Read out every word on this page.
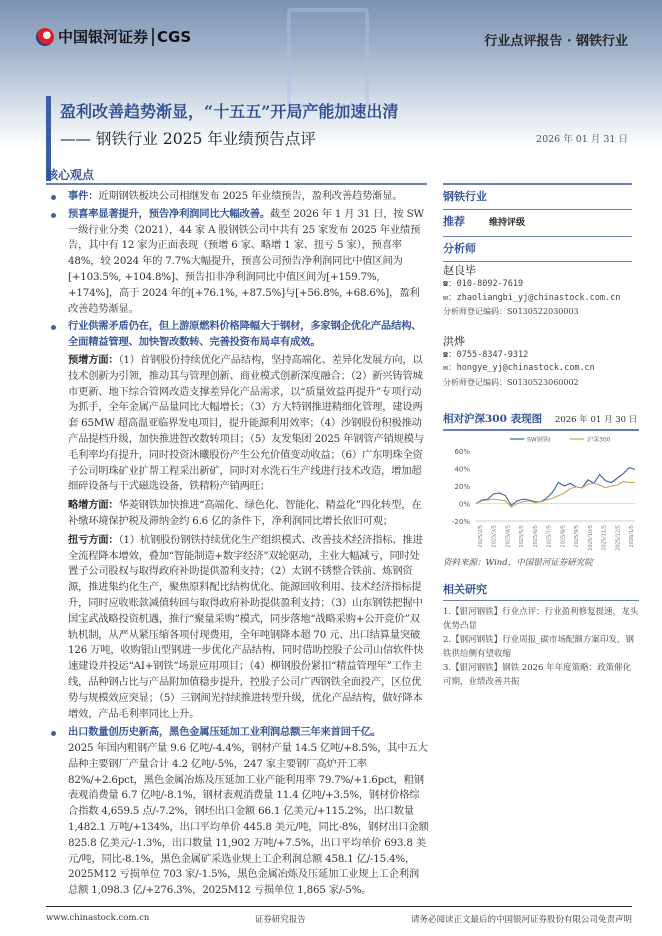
中国银河证券 CGS	行业点评报告 · 钢铁行业
盈利改善趋势渐显，“十五五”开局产能加速出清
—— 钢铁行业 2025 年业绩预告点评	2026 年 01 月 31 日
核心观点
事件：近期钢铁板块公司相继发布 2025 年业绩预告，盈利改善趋势渐显。
预喜率显著提升，预告净利润同比大幅改善。截至 2026 年 1 月 31 日，按 SW 一级行业分类（2021），44 家 A 股钢铁公司中共有 25 家发布 2025 年业绩预告，其中有 12 家为正面表现（预增 6 家、略增 1 家、扭亏 5 家），预喜率 48%，较 2024 年的 7.7%大幅提升，预喜公司预告净利润同比中值区间为[+103.5%, +104.8%]、预告扣非净利润同比中值区间为[+159.7%, +174%]，高于 2024 年的[+76.1%, +87.5%]与[+56.8%, +68.6%]，盈利改善趋势渐显。
行业供需矛盾仍在，但上游原燃料价格降幅大于钢材，多家钢企优化产品结构、全面精益管理、加快智改数转、完善投资布局卓有成效。
预增方面：（1）首钢股份持续优化产品结构，坚持高端化、差异化发展方向，以技术创新为引领，推动其与管理创新、商业模式创新深度融合；（2）新兴铸管城市更新、地下综合管网改造支撑差异化产品需求，以“质量效益再提升”专项行动为抓手，全年金属产品量同比大幅增长；（3）方大特钢推进精细化管理，建设两套 65MW 超高温亚临界发电项目，提升能源利用效率；（4）沙钢股份积极推动产品提档升级，加快推进智改数转项目；（5）友发集团 2025 年钢管产销规模与毛利率均有提升，同时投资沐曦股份产生公允价值变动收益；（6）广东明珠全资子公司明珠矿业扩帮工程采出新矿，同时对水洗石生产线进行技术改造，增加超细碎设备与干式磁选设备，铁精粉产销两旺；
略增方面：华菱钢铁加快推进“高端化、绿色化、智能化、精益化”四化转型，在补缴环境保护税及滞纳金约 6.6 亿的条件下，净利润同比增长依旧可观；
扭亏方面：（1）杭钢股份钢铁持续优化生产组织模式、改善技术经济指标、推进全流程降本增效，叠加“智能制造+数字经济”双轮驱动，主业大幅减亏，同时处置子公司股权与取得政府补助提供盈利支持；（2）太钢不锈整合铁前、炼钢资源，推进集约化生产，聚焦原料配比结构优化、能源回收利用、技术经济指标提升，同时应收账款减值转回与取得政府补助提供盈利支持；（3）山东钢铁把握中国宝武战略投资机遇，推行“聚量采购”模式，同步落地“战略采购+公开竞价”双轨机制，从严从紧压缩各项付现费用，全年吨钢降本超 70 元、出口结算量突破 126 万吨，收购银山型钢进一步优化产品结构，同时借助控股子公司山信软件快速建设并投运“AI+钢铁”场景应用项目；（4）柳钢股份紧扣“精益管理年”工作主线，品种钢占比与产品附加值稳步提升，控股子公司广西钢铁全面投产，区位优势与规模效应突显；（5）三钢闽光持续推进转型升级，优化产品结构，做好降本增效，产品毛利率同比上升。
出口数量创历史新高，黑色金属压延加工业利润总额三年来首回千亿。
2025 年国内粗钢产量 9.6 亿吨/-4.4%，钢材产量 14.5 亿吨/+8.5%，其中五大品种主要钢厂产量合计 4.2 亿吨/-5%，247 家主要钢厂高炉开工率 82%/+2.6pct，黑色金属冶炼及压延加工业产能利用率 79.7%/+1.6pct，粗钢表观消费量 6.7 亿吨/-8.1%，钢材表观消费量 11.4 亿吨/+3.5%，钢材价格综合指数 4,659.5 点/-7.2%，钢坯出口金额 66.1 亿美元/+115.2%，出口数量 1,482.1 万吨/+134%，出口平均单价 445.8 美元/吨，同比-8%，钢材出口金额 825.8 亿美元/-1.3%，出口数量 11,902 万吨/+7.5%，出口平均单价 693.8 美元/吨，同比-8.1%，黑色金属矿采选业规上工企利润总额 458.1 亿/-15.4%，2025M12 亏损单位 703 家/-1.5%，黑色金属冶炼及压延加工业规上工企利润总额 1,098.3 亿/+276.3%，2025M12 亏损单位 1,865 家/-5%。
钢铁行业
推荐	维持评级
分析师
赵良毕
☎：010-8092-7619
✉：zhaoliangbi_yj@chinastock.com.cn
分析师登记编码：S0130522030003
洪烨
☎：0755-8347-9312
✉：hongye_yj@chinastock.com.cn
分析师登记编码：S0130523060002
相对沪深300 表现图 2026 年 01 月 30 日
60%
40%
20%
0%
-20%
2025/2/5 2025/3/5 2025/4/5 2025/5/5 2025/6/5 2025/7/5 2025/8/5 2025/9/5 2025/10/5 2025/11/5 2025/12/5 2026/1/5
SW钢铁I	沪深300
资料来源：Wind，中国银河证券研究院
相关研究
1.【银河钢铁】行业点评：行业盈利修复提速，龙头优势凸显
2.【钢河钢铁】行业周报_碳市场配额方案印发，钢铁供给侧有望收缩
3.【银河钢铁】钢铁 2026 年年度策略：政策催化可期，业绩改善共振
www.chinastock.com.cn	证券研究报告	请务必阅读正文最后的中国银河证券股份有限公司免责声明
